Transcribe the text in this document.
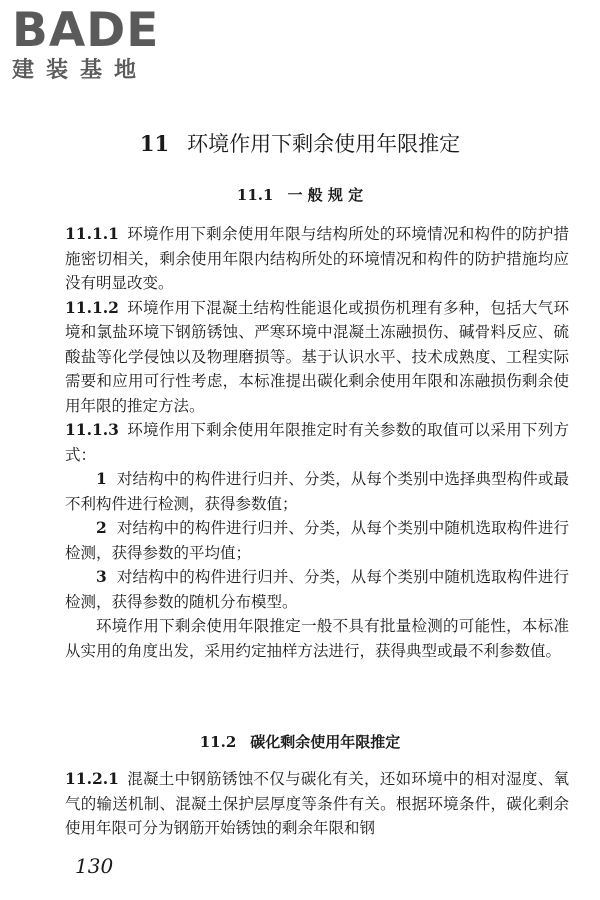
BADE
建装基地
11 环境作用下剩余使用年限推定
11.1 一 般 规 定
11.1.1 环境作用下剩余使用年限与结构所处的环境情况和构件的防护措施密切相关，剩余使用年限内结构所处的环境情况和构件的防护措施均应没有明显改变。
11.1.2 环境作用下混凝土结构性能退化或损伤机理有多种，包括大气环境和氯盐环境下钢筋锈蚀、严寒环境中混凝土冻融损伤、碱骨料反应、硫酸盐等化学侵蚀以及物理磨损等。基于认识水平、技术成熟度、工程实际需要和应用可行性考虑，本标准提出碳化剩余使用年限和冻融损伤剩余使用年限的推定方法。
11.1.3 环境作用下剩余使用年限推定时有关参数的取值可以采用下列方式：
1 对结构中的构件进行归并、分类，从每个类别中选择典型构件或最不利构件进行检测，获得参数值；
2 对结构中的构件进行归并、分类，从每个类别中随机选取构件进行检测，获得参数的平均值；
3 对结构中的构件进行归并、分类，从每个类别中随机选取构件进行检测，获得参数的随机分布模型。
环境作用下剩余使用年限推定一般不具有批量检测的可能性，本标准从实用的角度出发，采用约定抽样方法进行，获得典型或最不利参数值。
11.2 碳化剩余使用年限推定
11.2.1 混凝土中钢筋锈蚀不仅与碳化有关，还如环境中的相对湿度、氧气的输送机制、混凝土保护层厚度等条件有关。根据环境条件，碳化剩余使用年限可分为钢筋开始锈蚀的剩余年限和钢
130
